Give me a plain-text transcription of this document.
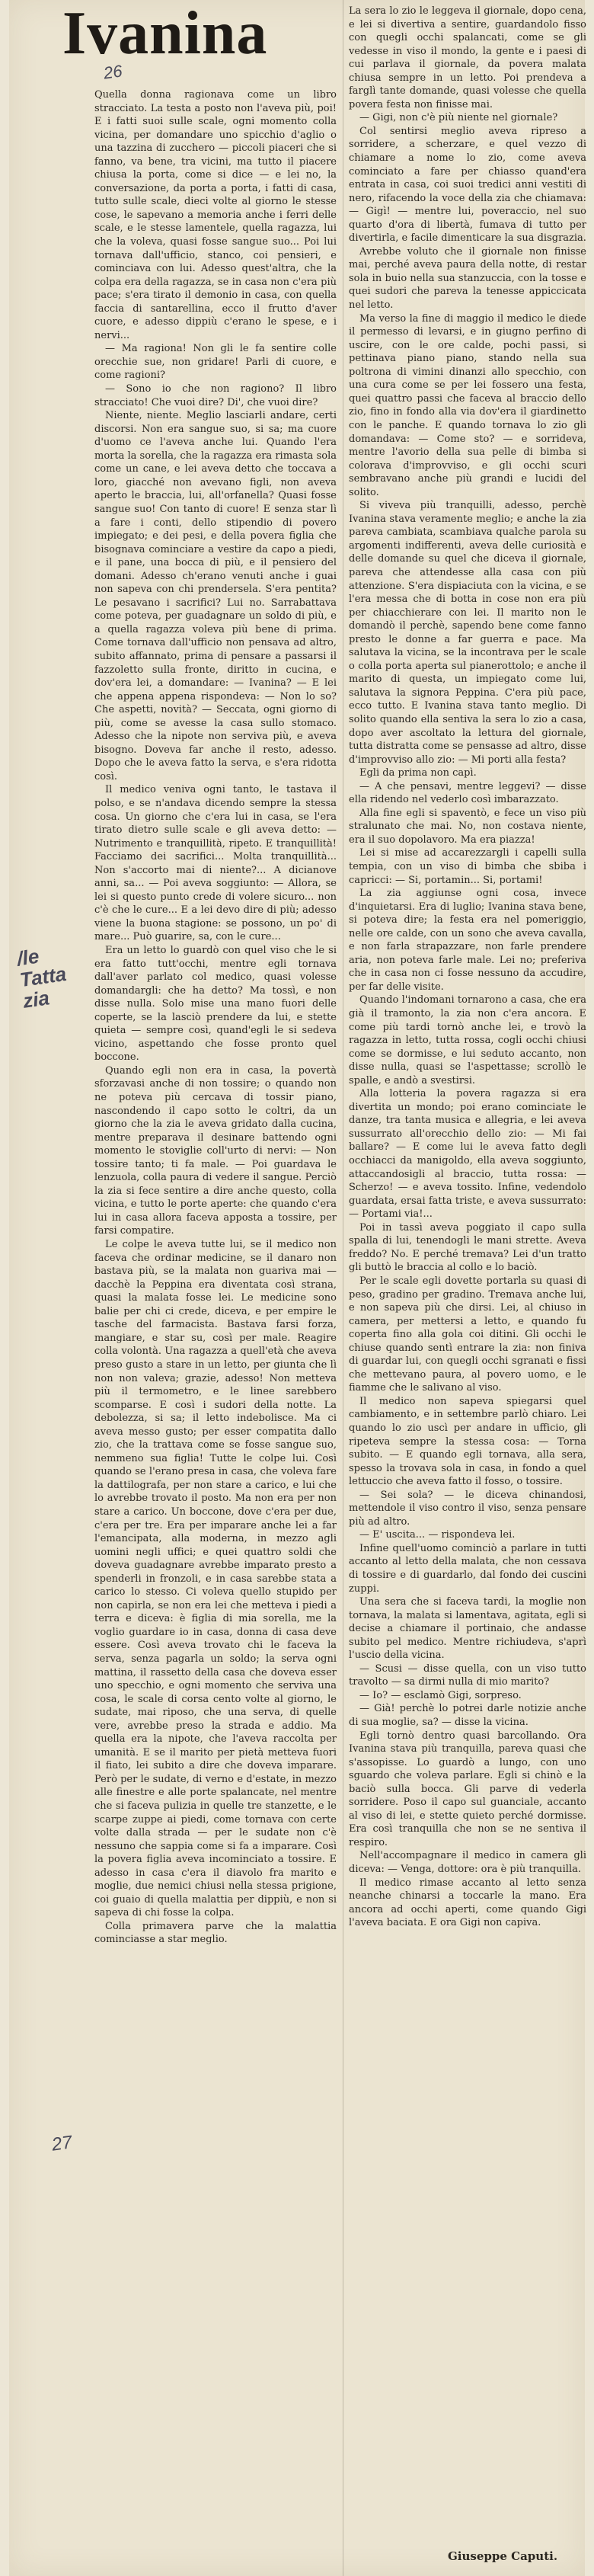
Ivanina
26
/le
Tatta
zia
27

Quella donna ragionava come un libro stracciato. La testa a posto non l'aveva più, poi! E i fatti suoi sulle scale, ogni momento colla vicina, per domandare uno spicchio d'aglio o una tazzina di zucchero — piccoli piaceri che si fanno, va bene, tra vicini, ma tutto il piacere chiusa la porta, come si dice — e lei no, la conversazione, da porta a porta, i fatti di casa, tutto sulle scale, dieci volte al giorno le stesse cose, le sapevano a memoria anche i ferri delle scale, e le stesse lamentele, quella ragazza, lui che la voleva, quasi fosse sangue suo... Poi lui tornava dall'ufficio, stanco, coi pensieri, e cominciava con lui. Adesso quest'altra, che la colpa era della ragazza, se in casa non c'era più pace; s'era tirato il demonio in casa, con quella faccia di santarellina, ecco il frutto d'aver cuore, e adesso dippiù c'erano le spese, e i nervi...

— Ma ragiona! Non gli le fa sentire colle orecchie sue, non gridare! Parli di cuore, e come ragioni?

— Sono io che non ragiono? Il libro stracciato! Che vuoi dire? Di', che vuoi dire?

Niente, niente. Meglio lasciarli andare, certi discorsi. Non era sangue suo, si sa; ma cuore d'uomo ce l'aveva anche lui. Quando l'era morta la sorella, che la ragazza era rimasta sola come un cane, e lei aveva detto che toccava a loro, giacché non avevano figli, non aveva aperto le braccia, lui, all'orfanella? Quasi fosse sangue suo! Con tanto di cuore! E senza star lì a fare i conti, dello stipendio di povero impiegato; e dei pesi, e della povera figlia che bisognava cominciare a vestire da capo a piedi, e il pane, una bocca di più, e il pensiero del domani. Adesso ch'erano venuti anche i guai non sapeva con chi prendersela. S'era pentita? Le pesavano i sacrifici? Lui no. Sarrabattava come poteva, per guadagnare un soldo di più, e a quella ragazza voleva più bene di prima. Come tornava dall'ufficio non pensava ad altro, subito affannato, prima di pensare a passarsi il fazzoletto sulla fronte, diritto in cucina, e dov'era lei, a domandare: — Ivanina? — E lei che appena appena rispondeva: — Non lo so? Che aspetti, novità? — Seccata, ogni giorno di più, come se avesse la casa sullo stomaco. Adesso che la nipote non serviva più, e aveva bisogno. Doveva far anche il resto, adesso. Dopo che le aveva fatto la serva, e s'era ridotta così.

Il medico veniva ogni tanto, le tastava il polso, e se n'andava dicendo sempre la stessa cosa. Un giorno che c'era lui in casa, se l'era tirato dietro sulle scale e gli aveva detto: — Nutrimento e tranquillità, ripeto. E tranquillità! Facciamo dei sacrifici... Molta tranquillità... Non s'accorto mai di niente?... A dicianove anni, sa... — Poi aveva soggiunto: — Allora, se lei si questo punto crede di volere sicuro... non c'è che le cure... E a lei devo dire di più; adesso viene la buona stagione: se possono, un po' di mare... Può guarire, sa, con le cure...

Era un letto lo guardò con quel viso che le si era fatto tutt'occhi, mentre egli tornava dall'aver parlato col medico, quasi volesse domandargli: che ha detto? Ma tossì, e non disse nulla. Solo mise una mano fuori delle coperte, se la lasciò prendere da lui, e stette quieta — sempre così, quand'egli le si sedeva vicino, aspettando che fosse pronto quel boccone.

Quando egli non era in casa, la povertà sforzavasi anche di non tossire; o quando non ne poteva più cercava di tossir piano, nascondendo il capo sotto le coltri, da un giorno che la zia le aveva gridato dalla cucina, mentre preparava il desinare battendo ogni momento le stoviglie coll'urto di nervi: — Non tossire tanto; ti fa male. — Poi guardava le lenzuola, colla paura di vedere il sangue. Perciò la zia si fece sentire a dire anche questo, colla vicina, e tutto le porte aperte: che quando c'era lui in casa allora faceva apposta a tossire, per farsi compatire.

Le colpe le aveva tutte lui, se il medico non faceva che ordinar medicine, se il danaro non bastava più, se la malata non guariva mai — dacchè la Peppina era diventata così strana, quasi la malata fosse lei. Le medicine sono balie per chi ci crede, dicevа, e per empire le tasche del farmacista. Bastava farsi forza, mangiare, e star su, così per male. Reagire colla volontà. Una ragazza a quell'età che aveva preso gusto a stare in un letto, per giunta che lì non non valeva; grazie, adesso! Non metteva più il termometro, e le linee sarebbero scomparse. E così i sudori della notte. La debolezza, si sa; il letto indebolisce. Ma ci aveva messo gusto; per esser compatita dallo zio, che la trattava come se fosse sangue suo, nemmeno sua figlia! Tutte le colpe lui. Così quando se l'erano presa in casa, che voleva fare la dattilografa, per non stare a carico, e lui che lo avrebbe trovato il posto. Ma non era per non stare a carico. Un boccone, dove c'era per due, c'era per tre. Era per imparare anche lei a far l'emancipata, alla moderna, in mezzo agli uomini negli uffici; e quei quattro soldi che doveva guadagnare avrebbe imparato presto a spenderli in fronzoli, e in casa sarebbe stata a carico lo stesso. Ci voleva quello stupido per non capirla, se non era lei che metteva i piedi a terra e diceva: è figlia di mia sorella, me la voglio guardare io in casa, donna di casa deve essere. Così aveva trovato chi le faceva la serva, senza pagarla un soldo; la serva ogni mattina, il rassetto della casa che doveva esser uno specchio, e ogni momento che serviva una cosa, le scale di corsa cento volte al giorno, le sudate, mai riposo, che una serva, di quelle vere, avrebbe preso la strada e addio. Ma quella era la nipote, che l'aveva raccolta per umanità. E se il marito per pietà metteva fuori il fiato, lei subito a dire che doveva imparare. Però per le sudate, di verno e d'estate, in mezzo alle finestre e alle porte spalancate, nel mentre che si faceva pulizia in quelle tre stanzette, e le scarpe zuppe ai piedi, come tornava con certe volte dalla strada — per le sudate non c'è nessuno che sappia come si fa a imparare. Così la povera figlia aveva incominciato a tossire. E adesso in casa c'era il diavolo fra marito e moglie, due nemici chiusi nella stessa prigione, coi guaio di quella malattia per dippiù, e non si sapeva di chi fosse la colpa.

Colla primavera parve che la malattia cominciasse a star meglio.

La sera lo zio le leggeva il giornale, dopo cena, e lei si divertiva a sentire, guardandolo fisso con quegli occhi spalancati, come se gli vedesse in viso il mondo, la gente e i paesi di cui parlava il giornale, da povera malata chiusa sempre in un letto. Poi prendeva a farglì tante domande, quasi volesse che quella povera festa non finisse mai.

— Gigi, non c'è più niente nel giornale?

Col sentirsi meglio aveva ripreso a sorridere, a scherzare, e quel vezzo di chiamare a nome lo zio, come aveva cominciato a fare per chiasso quand'era entrata in casa, coi suoi tredici anni vestiti di nero, rifacendo la voce della zia che chiamava: — Gigì! — mentre lui, poveraccio, nel suo quarto d'ora di libertà, fumava di tutto per divertirla, e facile dimenticare la sua disgrazia.

Avrebbe voluto che il giornale non finisse mai, perché aveva paura della notte, di restar sola in buio nella sua stanzuccia, con la tosse e quei sudori che pareva la tenesse appiccicata nel letto.

Ma verso la fine di maggio il medico le diede il permesso di levarsi, e in giugno perfino di uscire, con le ore calde, pochi passi, si pettinava piano piano, stando nella sua poltrona di vimini dinanzi allo specchio, con una cura come se per lei fossero una festa, quei quattro passi che faceva al braccio dello zio, fino in fondo alla via dov'era il giardinetto con le panche. E quando tornava lo zio gli domandava: — Come sto? — e sorrideva, mentre l'avorio della sua pelle di bimba si colorava d'improvviso, e gli occhi scuri sembravano anche più grandi e lucidi del solito.

Si viveva più tranquilli, adesso, perchè Ivanina stava veramente meglio; e anche la zia pareva cambiata, scambiava qualche parola su argomenti indifferenti, aveva delle curiosità e delle domande su quel che diceva il giornale, pareva che attendesse alla casa con più attenzione. S'era dispiaciuta con la vicina, e se l'era messa che di botta in cose non era più per chiacchierare con lei. Il marito non le domandò il perchè, sapendo bene come fanno presto le donne a far guerra e pace. Ma salutava la vicina, se la incontrava per le scale o colla porta aperta sul pianerottolo; e anche il marito di questa, un impiegato come lui, salutava la signora Peppina. C'era più pace, ecco tutto. E Ivanina stava tanto meglio. Di solito quando ella sentiva la sera lo zio a casa, dopo aver ascoltato la lettura del giornale, tutta distratta come se pensasse ad altro, disse d'improvviso allo zio: — Mi porti alla festa?

Egli da prima non capì.

— A che pensavi, mentre leggevi? — disse ella ridendo nel vederlo così imbarazzato.

Alla fine egli si spaventò, e fece un viso più stralunato che mai. No, non costava niente, era il suo dopolavoro. Ma era piazza!

Lei si mise ad accarezzargli i capelli sulla tempia, con un viso di bimba che sbiba i capricci: — Si, portamin... Si, portami!

La zia aggiunse ogni cosa, invece d'inquietarsi. Era di luglio; Ivanina stava bene, si poteva dire; la festa era nel pomeriggio, nelle ore calde, con un sono che aveva cavalla, e non farla strapazzare, non farle prendere aria, non poteva farle male. Lei no; preferiva che in casa non ci fosse nessuno da accudire, per far delle visite.

Quando l'indomani tornarono a casa, che era già il tramonto, la zia non c'era ancora. E come più tardi tornò anche lei, e trovò la ragazza in letto, tutta rossa, cogli occhi chiusi come se dormisse, e lui seduto accanto, non disse nulla, quasi se l'aspettasse; scrollò le spalle, e andò a svestirsi.

Alla lotteria la povera ragazza si era divertita un mondo; poi erano cominciate le danze, tra tanta musica e allegria, e lei aveva sussurrato all'orecchio dello zio: — Mi fai ballare? — E come lui le aveva fatto degli occhiacci da manigoldo, ella aveva soggiunto, attaccandosigli al braccio, tutta rossa: — Scherzo! — e aveva tossito. Infine, vedendolo guardata, ersai fatta triste, e aveva sussurrato: — Portami via!...

Poi in tassì aveva poggiato il capo sulla spalla di lui, tenendogli le mani strette. Aveva freddo? No. E perché tremava? Lei d'un tratto gli buttò le braccia al collo e lo baciò.

Per le scale egli dovette portarla su quasi di peso, gradino per gradino. Tremava anche lui, e non sapeva più che dirsi. Lei, al chiuso in camera, per mettersi a letto, e quando fu coperta fino alla gola coi ditini. Gli occhi le chiuse quando sentì entrare la zia: non finiva di guardar lui, con quegli occhi sgranati e fissi che mettevano paura, al povero uomo, e le fiamme che le salivano al viso.

Il medico non sapeva spiegarsi quel cambiamento, e in settembre parlò chiaro. Lei quando lo zio uscì per andare in ufficio, gli ripeteva sempre la stessa cosa: — Torna subito. — E quando egli tornava, alla sera, spesso la trovava sola in casa, in fondo a quel lettuccio che aveva fatto il fosso, o tossire.

— Sei sola? — le diceva chinandosi, mettendole il viso contro il viso, senza pensare più ad altro.

— E' uscita... — rispondeva lei.

Infine quell'uomo cominciò a parlare in tutti accanto al letto della malata, che non cessava di tossire e di guardarlo, dal fondo dei cuscini zuppi.

Una sera che si faceva tardi, la moglie non tornava, la malata si lamentava, agitata, egli si decise a chiamare il portinaio, che andasse subito pel medico. Mentre richiudeva, s'aprì l'uscio della vicina.

— Scusi — disse quella, con un viso tutto travolto — sa dirmi nulla di mio marito?

— Io? — esclamò Gigi, sorpreso.

— Già! perchè lo potrei darle notizie anche di sua moglie, sa? — disse la vicina.

Egli tornò dentro quasi barcollando. Ora Ivanina stava più tranquilla, pareva quasi che s'assopisse. Lo guardò a lungo, con uno sguardo che voleva parlare. Egli si chinò e la baciò sulla bocca. Gli parve di vederla sorridere. Poso il capo sul guanciale, accanto al viso di lei, e stette quieto perché dormisse. Era così tranquilla che non se ne sentiva il respiro.

Nell'accompagnare il medico in camera gli diceva: — Venga, dottore: ora è più tranquilla.

Il medico rimase accanto al letto senza neanche chinarsi a toccarle la mano. Era ancora ad occhi aperti, come quando Gigi l'aveva baciata. E ora Gigi non capiva.

Giuseppe Caputi.
